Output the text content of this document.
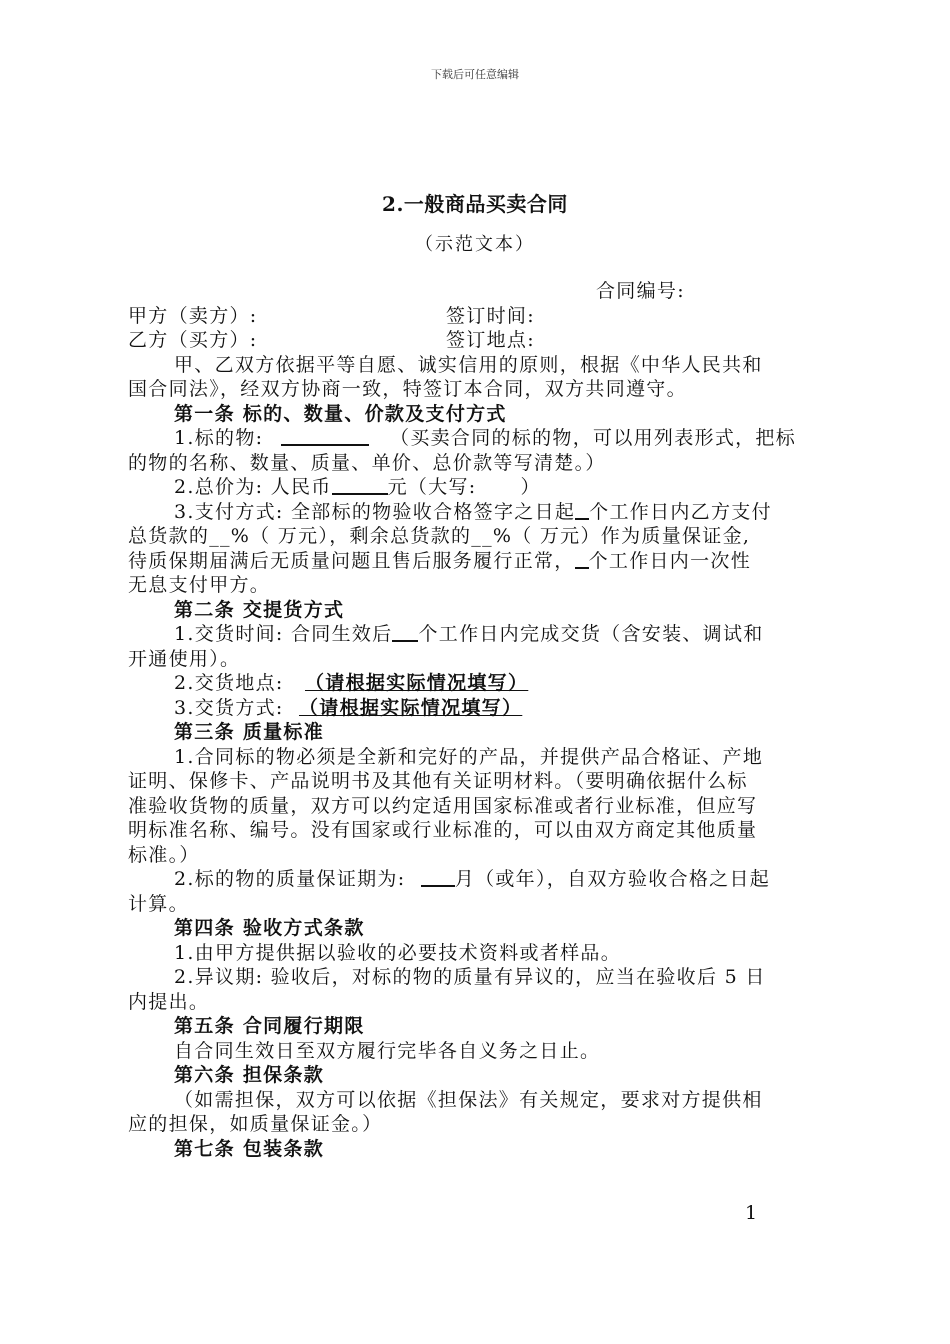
下载后可任意编辑
2.一般商品买卖合同
（示范文本）
合同编号:
甲方（卖方）:	签订时间:
乙方（买方）:	签订地点:
甲、乙双方依据平等自愿、诚实信用的原则，根据《中华人民共和
国合同法》，经双方协商一致，特签订本合同，双方共同遵守。
第一条 标的、数量、价款及支付方式
1.标的物:	（买卖合同的标的物，可以用列表形式，把标
的物的名称、数量、质量、单价、总价款等写清楚。）
2.总价为: 人民币	元（大写: ）
3.支付方式: 全部标的物验收合格签字之日起 个工作日内乙方支付
总货款的__%（ 万元），剩余总货款的__%（ 万元）作为质量保证金,
待质保期届满后无质量问题且售后服务履行正常， 个工作日内一次性
无息支付甲方。
第二条 交提货方式
1.交货时间: 合同生效后 个工作日内完成交货（含安装、调试和
开通使用）。
2.交货地点: （请根据实际情况填写）
3.交货方式: （请根据实际情况填写）
第三条 质量标准
1.合同标的物必须是全新和完好的产品，并提供产品合格证、产地
证明、保修卡、产品说明书及其他有关证明材料。（要明确依据什么标
准验收货物的质量，双方可以约定适用国家标准或者行业标准，但应写
明标准名称、编号。没有国家或行业标准的，可以由双方商定其他质量
标准。）
2.标的物的质量保证期为:	月（或年），自双方验收合格之日起
计算。
第四条 验收方式条款
1.由甲方提供据以验收的必要技术资料或者样品。
2.异议期: 验收后，对标的物的质量有异议的，应当在验收后 5 日
内提出。
第五条 合同履行期限
自合同生效日至双方履行完毕各自义务之日止。
第六条 担保条款
（如需担保，双方可以依据《担保法》有关规定，要求对方提供相
应的担保，如质量保证金。）
第七条 包装条款
1
